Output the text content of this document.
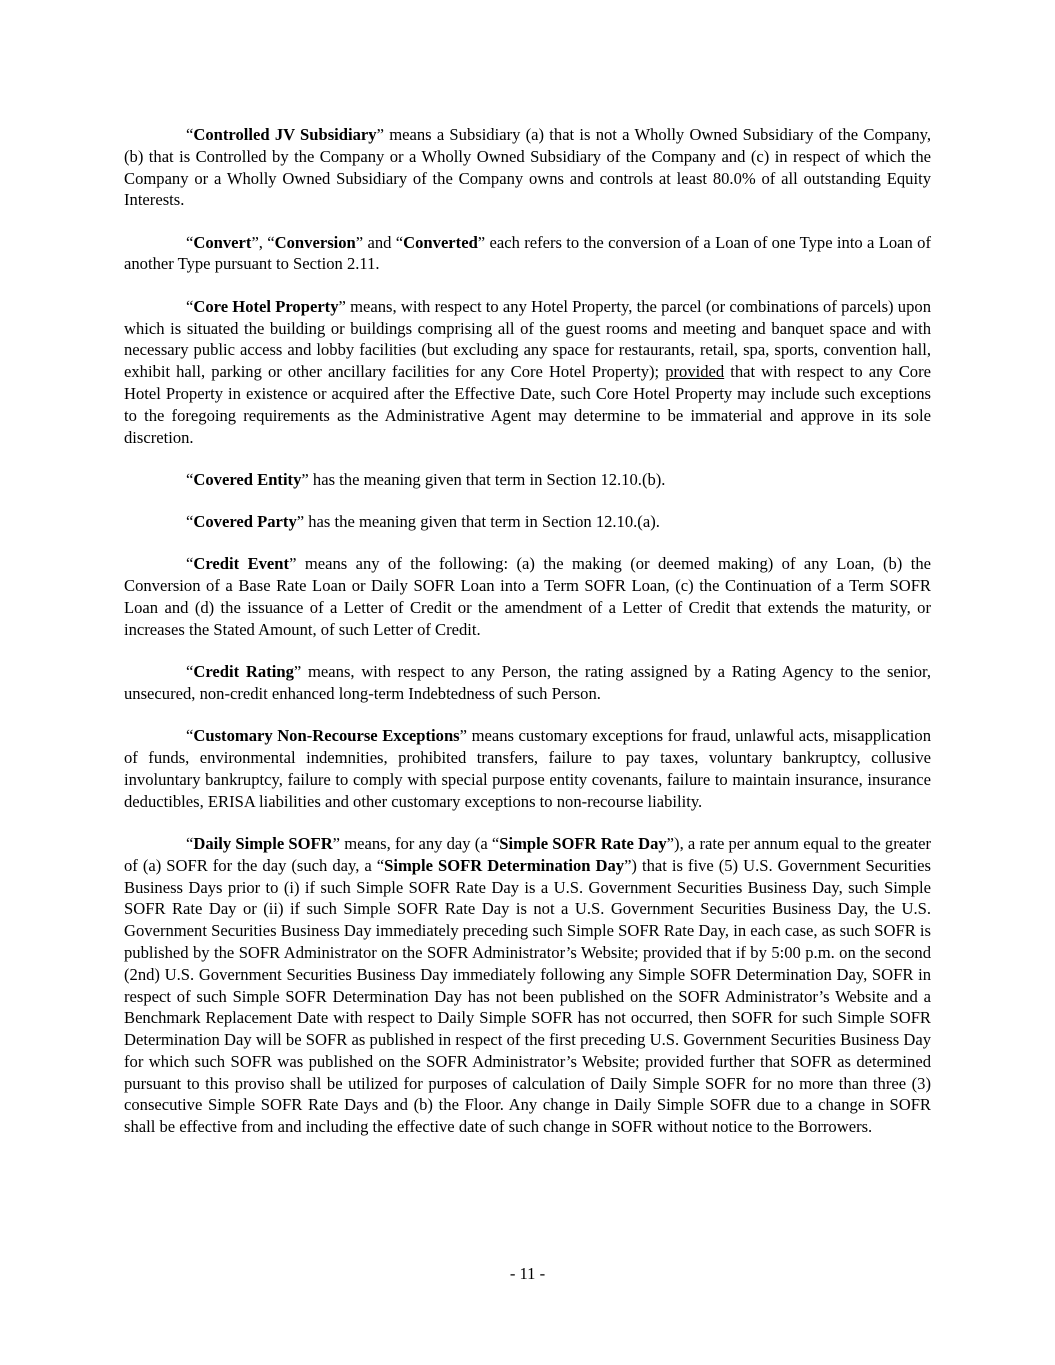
“Controlled JV Subsidiary” means a Subsidiary (a) that is not a Wholly Owned Subsidiary of the Company, (b) that is Controlled by the Company or a Wholly Owned Subsidiary of the Company and (c) in respect of which the Company or a Wholly Owned Subsidiary of the Company owns and controls at least 80.0% of all outstanding Equity Interests.

“Convert”, “Conversion” and “Converted” each refers to the conversion of a Loan of one Type into a Loan of another Type pursuant to Section 2.11.

“Core Hotel Property” means, with respect to any Hotel Property, the parcel (or combinations of parcels) upon which is situated the building or buildings comprising all of the guest rooms and meeting and banquet space and with necessary public access and lobby facilities (but excluding any space for restaurants, retail, spa, sports, convention hall, exhibit hall, parking or other ancillary facilities for any Core Hotel Property); provided that with respect to any Core Hotel Property in existence or acquired after the Effective Date, such Core Hotel Property may include such exceptions to the foregoing requirements as the Administrative Agent may determine to be immaterial and approve in its sole discretion.

“Covered Entity” has the meaning given that term in Section 12.10.(b).

“Covered Party” has the meaning given that term in Section 12.10.(a).

“Credit Event” means any of the following: (a) the making (or deemed making) of any Loan, (b) the Conversion of a Base Rate Loan or Daily SOFR Loan into a Term SOFR Loan, (c) the Continuation of a Term SOFR Loan and (d) the issuance of a Letter of Credit or the amendment of a Letter of Credit that extends the maturity, or increases the Stated Amount, of such Letter of Credit.

“Credit Rating” means, with respect to any Person, the rating assigned by a Rating Agency to the senior, unsecured, non-credit enhanced long-term Indebtedness of such Person.

“Customary Non-Recourse Exceptions” means customary exceptions for fraud, unlawful acts, misapplication of funds, environmental indemnities, prohibited transfers, failure to pay taxes, voluntary bankruptcy, collusive involuntary bankruptcy, failure to comply with special purpose entity covenants, failure to maintain insurance, insurance deductibles, ERISA liabilities and other customary exceptions to non-recourse liability.

“Daily Simple SOFR” means, for any day (a “Simple SOFR Rate Day”), a rate per annum equal to the greater of (a) SOFR for the day (such day, a “Simple SOFR Determination Day”) that is five (5) U.S. Government Securities Business Days prior to (i) if such Simple SOFR Rate Day is a U.S. Government Securities Business Day, such Simple SOFR Rate Day or (ii) if such Simple SOFR Rate Day is not a U.S. Government Securities Business Day, the U.S. Government Securities Business Day immediately preceding such Simple SOFR Rate Day, in each case, as such SOFR is published by the SOFR Administrator on the SOFR Administrator’s Website; provided that if by 5:00 p.m. on the second (2nd) U.S. Government Securities Business Day immediately following any Simple SOFR Determination Day, SOFR in respect of such Simple SOFR Determination Day has not been published on the SOFR Administrator’s Website and a Benchmark Replacement Date with respect to Daily Simple SOFR has not occurred, then SOFR for such Simple SOFR Determination Day will be SOFR as published in respect of the first preceding U.S. Government Securities Business Day for which such SOFR was published on the SOFR Administrator’s Website; provided further that SOFR as determined pursuant to this proviso shall be utilized for purposes of calculation of Daily Simple SOFR for no more than three (3) consecutive Simple SOFR Rate Days and (b) the Floor. Any change in Daily Simple SOFR due to a change in SOFR shall be effective from and including the effective date of such change in SOFR without notice to the Borrowers.

- 11 -
